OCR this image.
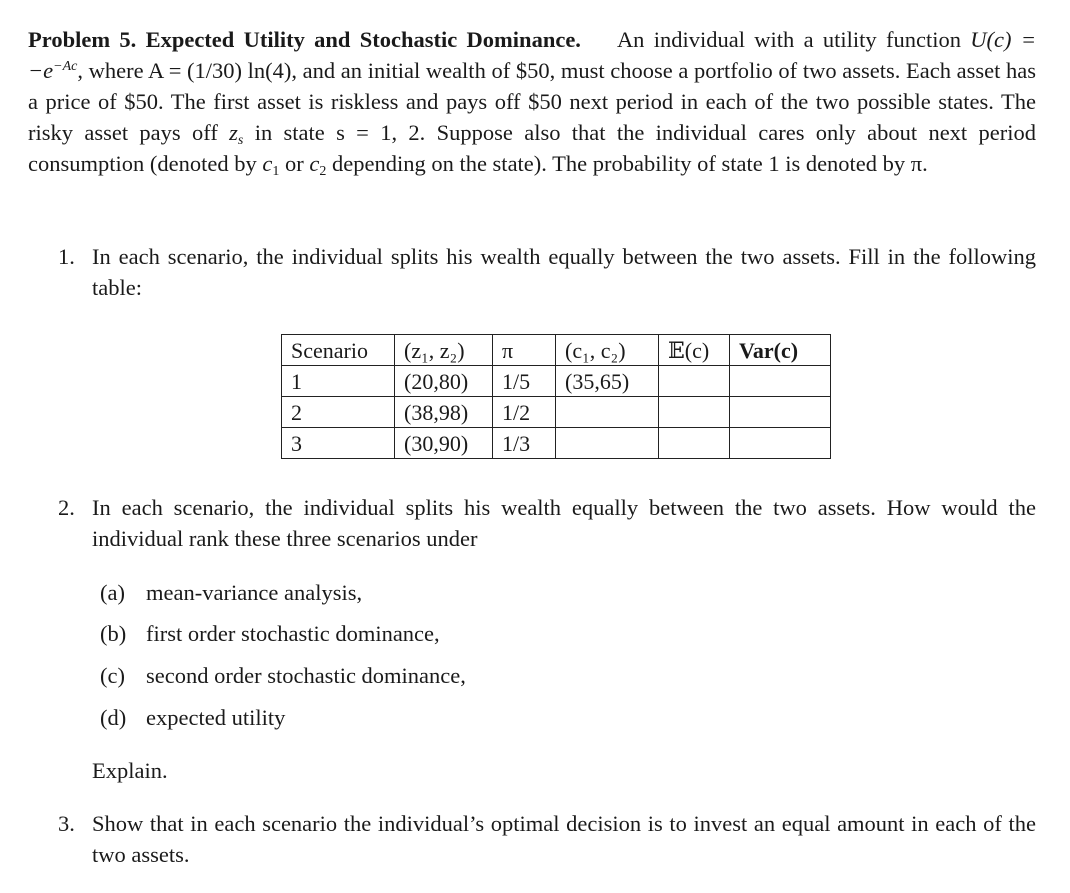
Problem 5. Expected Utility and Stochastic Dominance. An individual with a utility function $U(c) = -e^{-Ac}$, where A = (1/30) ln(4), and an initial wealth of $50, must choose a portfolio of two assets. Each asset has a price of $50. The first asset is riskless and pays off $50 next period in each of the two possible states. The risky asset pays off $z_s$ in state s = 1, 2. Suppose also that the individual cares only about next period consumption (denoted by $c_1$ or $c_2$ depending on the state). The probability of state 1 is denoted by π.

1. In each scenario, the individual splits his wealth equally between the two assets. Fill in the following table:

Scenario	(z₁, z₂)	π	(c₁, c₂)	𝔼(c)	Var(c)
1	(20,80)	1/5	(35,65)		
2	(38,98)	1/2			
3	(30,90)	1/3			
2. In each scenario, the individual splits his wealth equally between the two assets. How would the individual rank these three scenarios under

(a) mean-variance analysis,

(b) first order stochastic dominance,

(c) second order stochastic dominance,

(d) expected utility

Explain.

3. Show that in each scenario the individual’s optimal decision is to invest an equal amount in each of the two assets.
